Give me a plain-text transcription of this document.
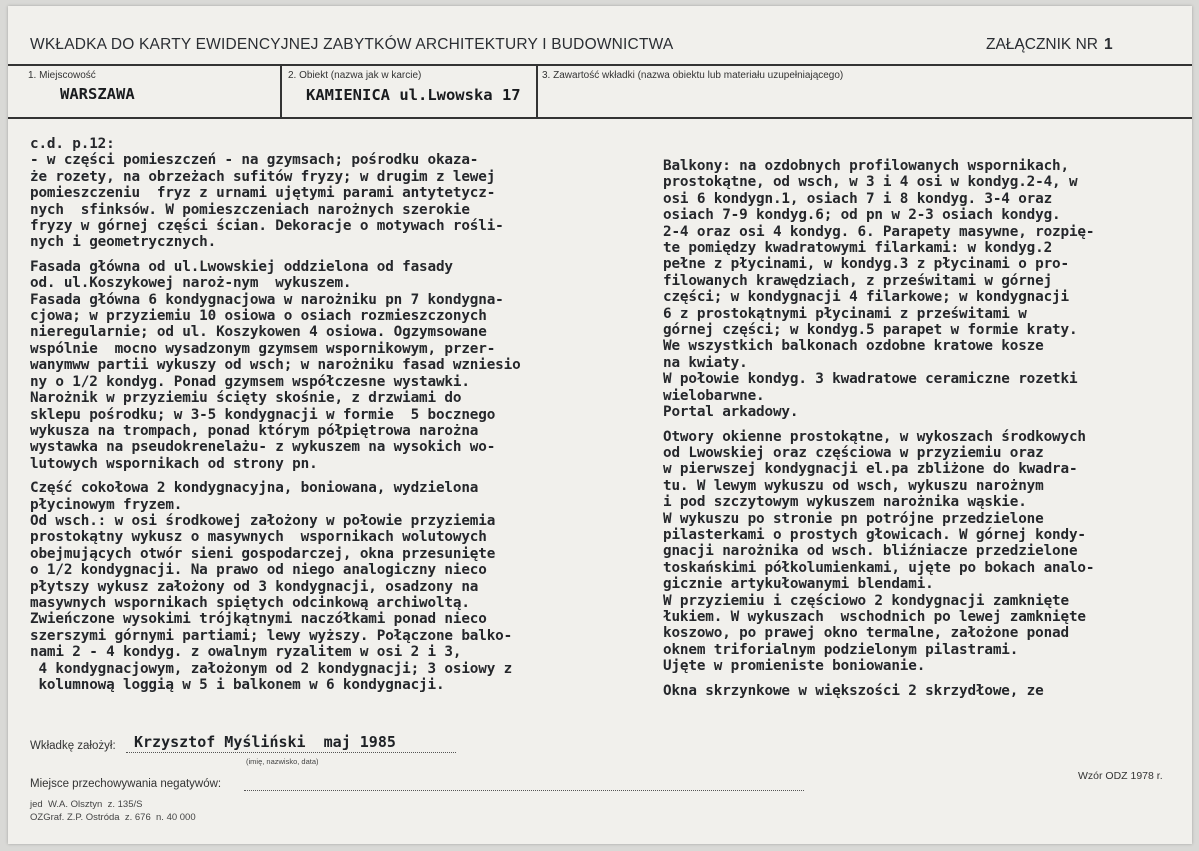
WKŁADKA DO KARTY EWIDENCYJNEJ ZABYTKÓW ARCHITEKTURY I BUDOWNICTWA	ZAŁĄCZNIK NR 1
1. Miejscowość
WARSZAWA
2. Obiekt (nazwa jak w karcie)
KAMIENICA ul.Lwowska 17
3. Zawartość wkładki (nazwa obiektu lub materiału uzupełniającego)
c.d. p.12:
- w części pomieszczeń - na gzymsach; pośrodku okaza-
że rozety, na obrzeżach sufitów fryzy; w drugim z lewej
pomieszczeniu  fryz z urnami ujętymi parami antytetycz-
nych  sfinksów. W pomieszczeniach narożnych szerokie
fryzy w górnej części ścian. Dekoracje o motywach rośli-
nych i geometrycznych.
Fasada główna od ul.Lwowskiej oddzielona od fasady
od. ul.Koszykowej naroż-nym  wykuszem.
Fasada główna 6 kondygnacjowa w narożniku pn 7 kondygna-
cjowa; w przyziemiu 10 osiowa o osiach rozmieszczonych
nieregularnie; od ul. Koszykowen 4 osiowa. Ogzymsowane
wspólnie  mocno wysadzonym gzymsem wspornikowym, przer-
wanymww partii wykuszy od wsch; w narożniku fasad wzniesio
ny o 1/2 kondyg. Ponad gzymsem współczesne wystawki.
Narożnik w przyziemiu ścięty skośnie, z drzwiami do
sklepu pośrodku; w 3-5 kondygnacji w formie  5 bocznego
wykusza na trompach, ponad którym półpiętrowa narożna
wystawka na pseudokrenelażu- z wykuszem na wysokich wo-
lutowych wspornikach od strony pn.
Część cokołowa 2 kondygnacyjna, boniowana, wydzielona
płycinowym fryzem.
Od wsch.: w osi środkowej założony w połowie przyziemia
prostokątny wykusz o masywnych  wspornikach wolutowych
obejmujących otwór sieni gospodarczej, okna przesunięte
o 1/2 kondygnacji. Na prawo od niego analogiczny nieco
płytszy wykusz założony od 3 kondygnacji, osadzony na
masywnych wspornikach spiętych odcinkową archiwoltą.
Zwieńczone wysokimi trójkątnymi naczółkami ponad nieco
szerszymi górnymi partiami; lewy wyższy. Połączone balko-
nami 2 - 4 kondyg. z owalnym ryzalitem w osi 2 i 3,
4 kondygnacjowym, założonym od 2 kondygnacji; 3 osiowy z
kolumnową loggią w 5 i balkonem w 6 kondygnacji.
Balkony: na ozdobnych profilowanych wspornikach,
prostokątne, od wsch, w 3 i 4 osi w kondyg.2-4, w
osi 6 kondygn.1, osiach 7 i 8 kondyg. 3-4 oraz
osiach 7-9 kondyg.6; od pn w 2-3 osiach kondyg.
2-4 oraz osi 4 kondyg. 6. Parapety masywne, rozpię-
te pomiędzy kwadratowymi filarkami: w kondyg.2
pełne z płycinami, w kondyg.3 z płycinami o pro-
filowanych krawędziach, z prześwitami w górnej
części; w kondygnacji 4 filarkowe; w kondygnacji
6 z prostokątnymi płycinami z prześwitami w
górnej części; w kondyg.5 parapet w formie kraty.
We wszystkich balkonach ozdobne kratowe kosze
na kwiaty.
W połowie kondyg. 3 kwadratowe ceramiczne rozetki
wielobarwne.
Portal arkadowy.
Otwory okienne prostokątne, w wykoszach środkowych
od Lwowskiej oraz częściowa w przyziemiu oraz
w pierwszej kondygnacji el.pa zbliżone do kwadra-
tu. W lewym wykuszu od wsch, wykuszu narożnym
i pod szczytowym wykuszem narożnika wąskie.
W wykuszu po stronie pn potrójne przedzielone
pilasterkami o prostych głowicach. W górnej kondy-
gnacji narożnika od wsch. bliźniacze przedzielone
toskańskimi półkolumienkami, ujęte po bokach analo-
gicznie artykułowanymi blendami.
W przyziemiu i częściowo 2 kondygnacji zamknięte
łukiem. W wykuszach  wschodnich po lewej zamknięte
koszowo, po prawej okno termalne, założone ponad
oknem triforialnym podzielonym pilastrami.
Ujęte w promieniste boniowanie.
Okna skrzynkowe w większości 2 skrzydłowe, ze
Wkładkę założył: Krzysztof Myśliński  maj 1985
(imię, nazwisko, data)
Miejsce przechowywania negatywów:
Wzór ODZ 1978 r.
jed  W.A. Olsztyn  z. 135/S
OZGraf. Z.P. Ostróda  z. 676  n. 40 000
